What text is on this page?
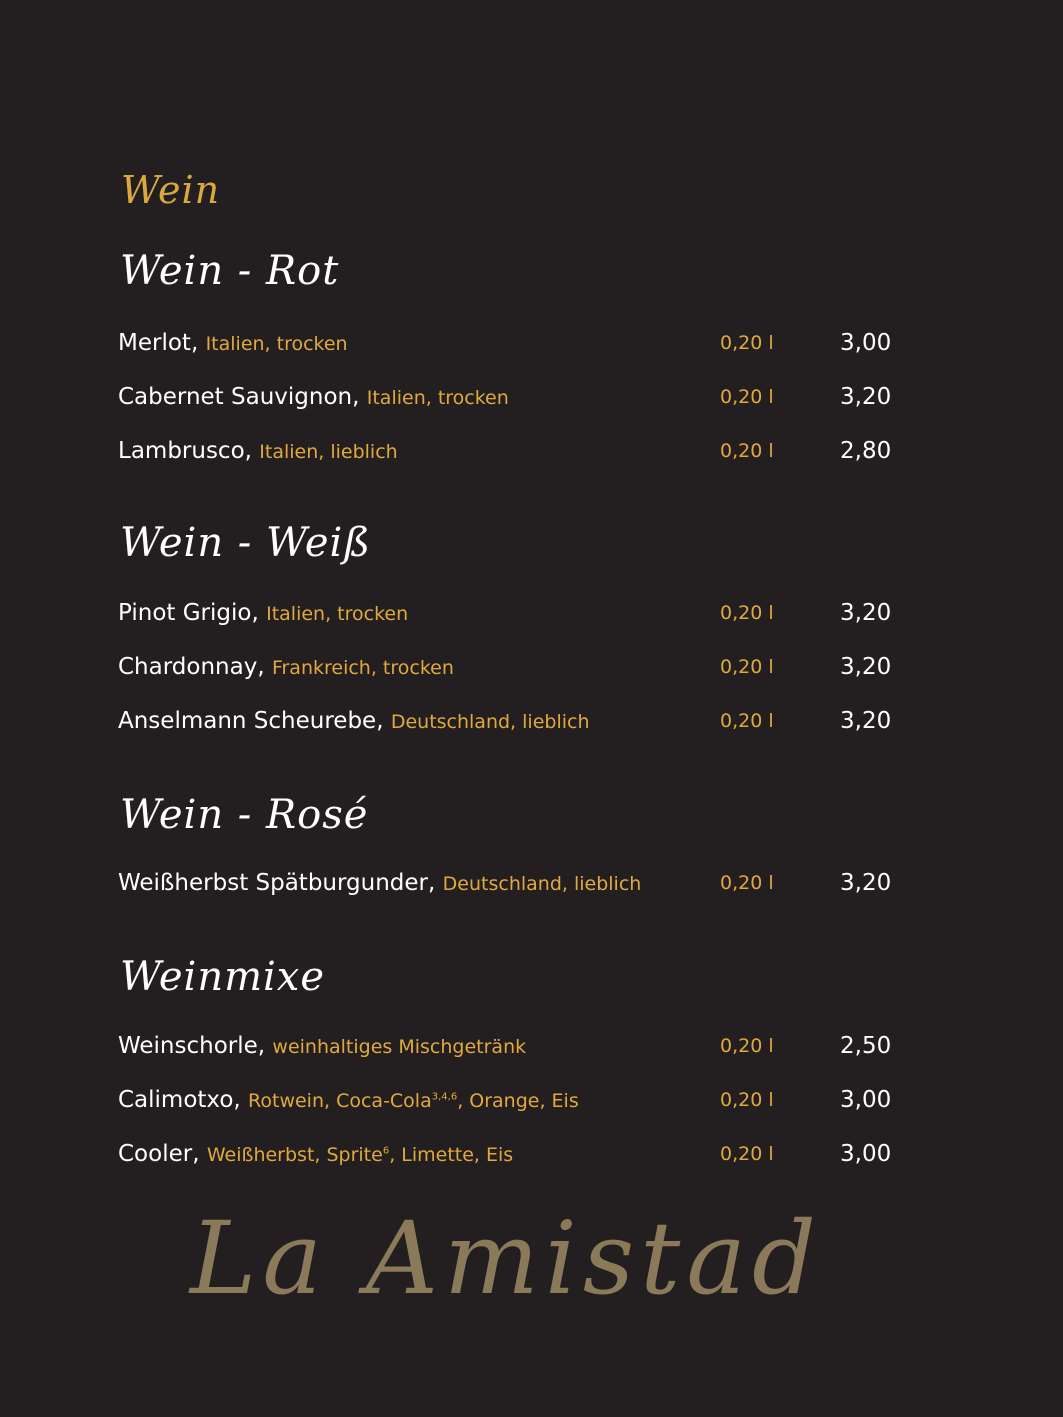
Wein
Wein - Rot
Merlot, Italien, trocken	0,20 l	3,00
Cabernet Sauvignon, Italien, trocken	0,20 l	3,20
Lambrusco, Italien, lieblich	0,20 l	2,80
Wein - Weiß
Pinot Grigio, Italien, trocken	0,20 l	3,20
Chardonnay, Frankreich, trocken	0,20 l	3,20
Anselmann Scheurebe, Deutschland, lieblich	0,20 l	3,20
Wein - Rosé
Weißherbst Spätburgunder, Deutschland, lieblich	0,20 l	3,20
Weinmixe
Weinschorle, weinhaltiges Mischgetränk	0,20 l	2,50
Calimotxo, Rotwein, Coca-Cola$^{3,4,6}$, Orange, Eis	0,20 l	3,00
Cooler, Weißherbst, Sprite$^6$, Limette, Eis	0,20 l	3,00
La Amistad
